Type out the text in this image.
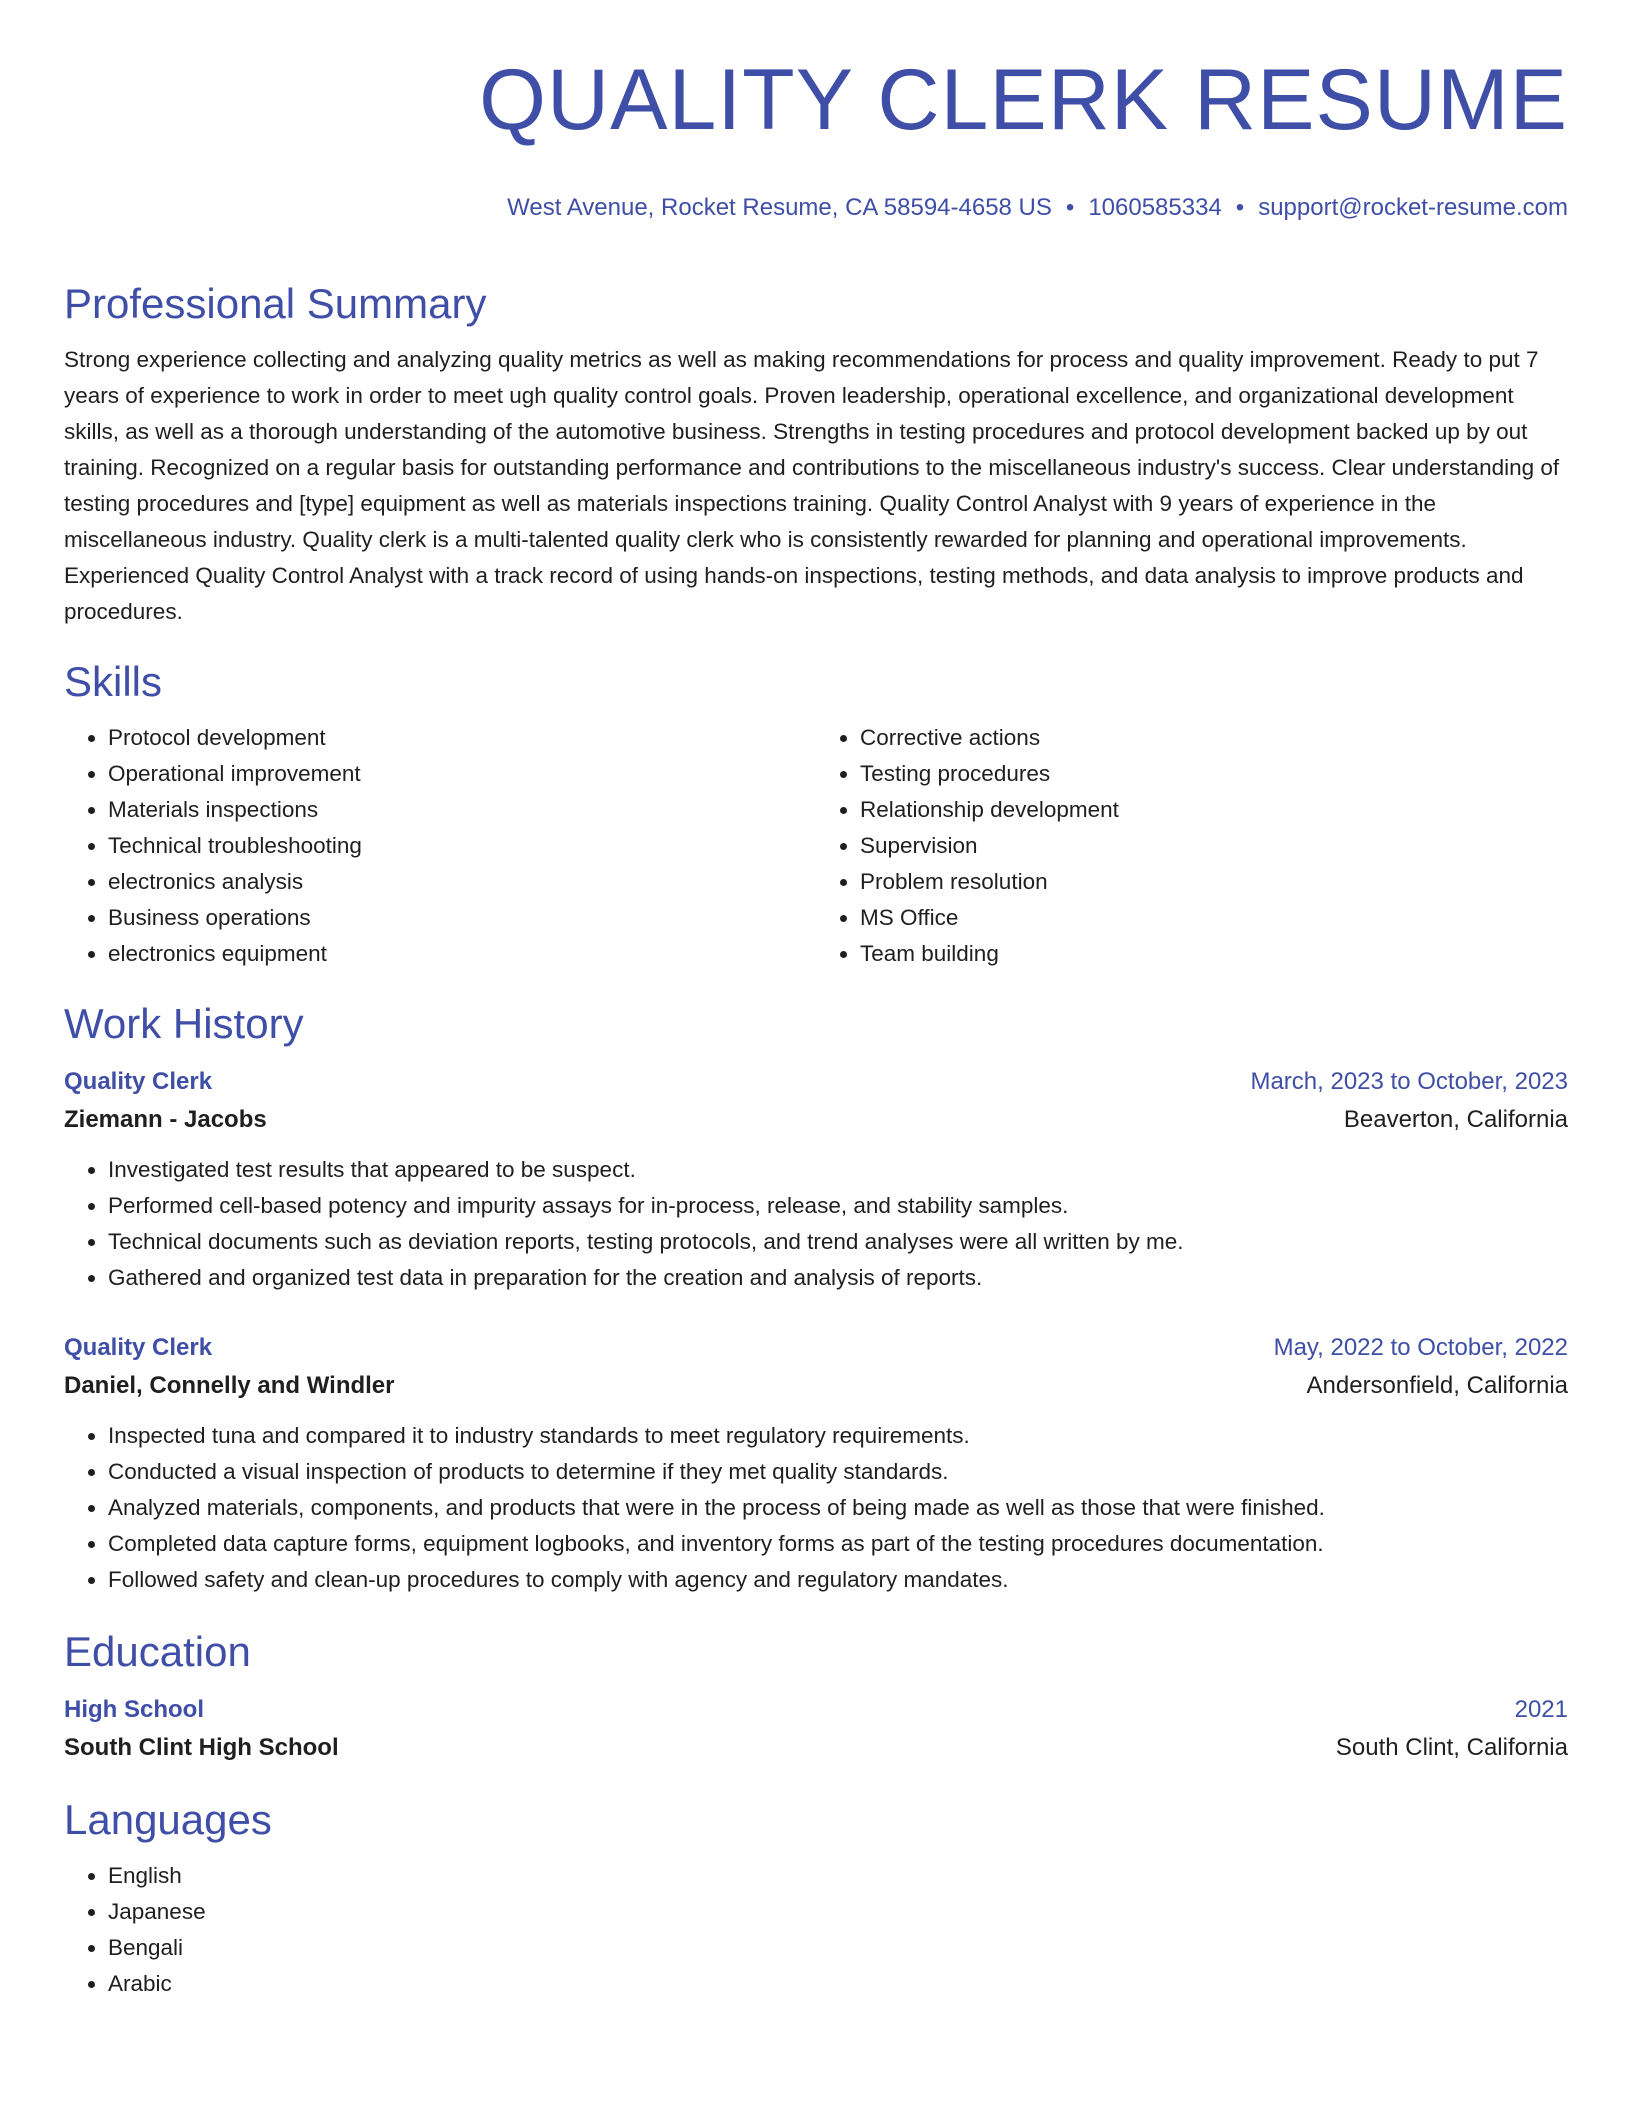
QUALITY CLERK RESUME
West Avenue, Rocket Resume, CA 58594-4658 US • 1060585334 • support@rocket-resume.com
Professional Summary

Strong experience collecting and analyzing quality metrics as well as making recommendations for process and quality improvement. Ready to put 7 years of experience to work in order to meet ugh quality control goals. Proven leadership, operational excellence, and organizational development skills, as well as a thorough understanding of the automotive business. Strengths in testing procedures and protocol development backed up by out training. Recognized on a regular basis for outstanding performance and contributions to the miscellaneous industry's success. Clear understanding of testing procedures and [type] equipment as well as materials inspections training. Quality Control Analyst with 9 years of experience in the miscellaneous industry. Quality clerk is a multi-talented quality clerk who is consistently rewarded for planning and operational improvements. Experienced Quality Control Analyst with a track record of using hands-on inspections, testing methods, and data analysis to improve products and procedures.

Skills
• Protocol development
• Operational improvement
• Materials inspections
• Technical troubleshooting
• electronics analysis
• Business operations
• electronics equipment
• Corrective actions
• Testing procedures
• Relationship development
• Supervision
• Problem resolution
• MS Office
• Team building
Work History
Quality Clerk	March, 2023 to October, 2023
Ziemann - Jacobs	Beaverton, California
• Investigated test results that appeared to be suspect.
• Performed cell-based potency and impurity assays for in-process, release, and stability samples.
• Technical documents such as deviation reports, testing protocols, and trend analyses were all written by me.
• Gathered and organized test data in preparation for the creation and analysis of reports.
Quality Clerk	May, 2022 to October, 2022
Daniel, Connelly and Windler	Andersonfield, California
• Inspected tuna and compared it to industry standards to meet regulatory requirements.
• Conducted a visual inspection of products to determine if they met quality standards.
• Analyzed materials, components, and products that were in the process of being made as well as those that were finished.
• Completed data capture forms, equipment logbooks, and inventory forms as part of the testing procedures documentation.
• Followed safety and clean-up procedures to comply with agency and regulatory mandates.
Education
High School	2021
South Clint High School	South Clint, California
Languages
• English
• Japanese
• Bengali
• Arabic
